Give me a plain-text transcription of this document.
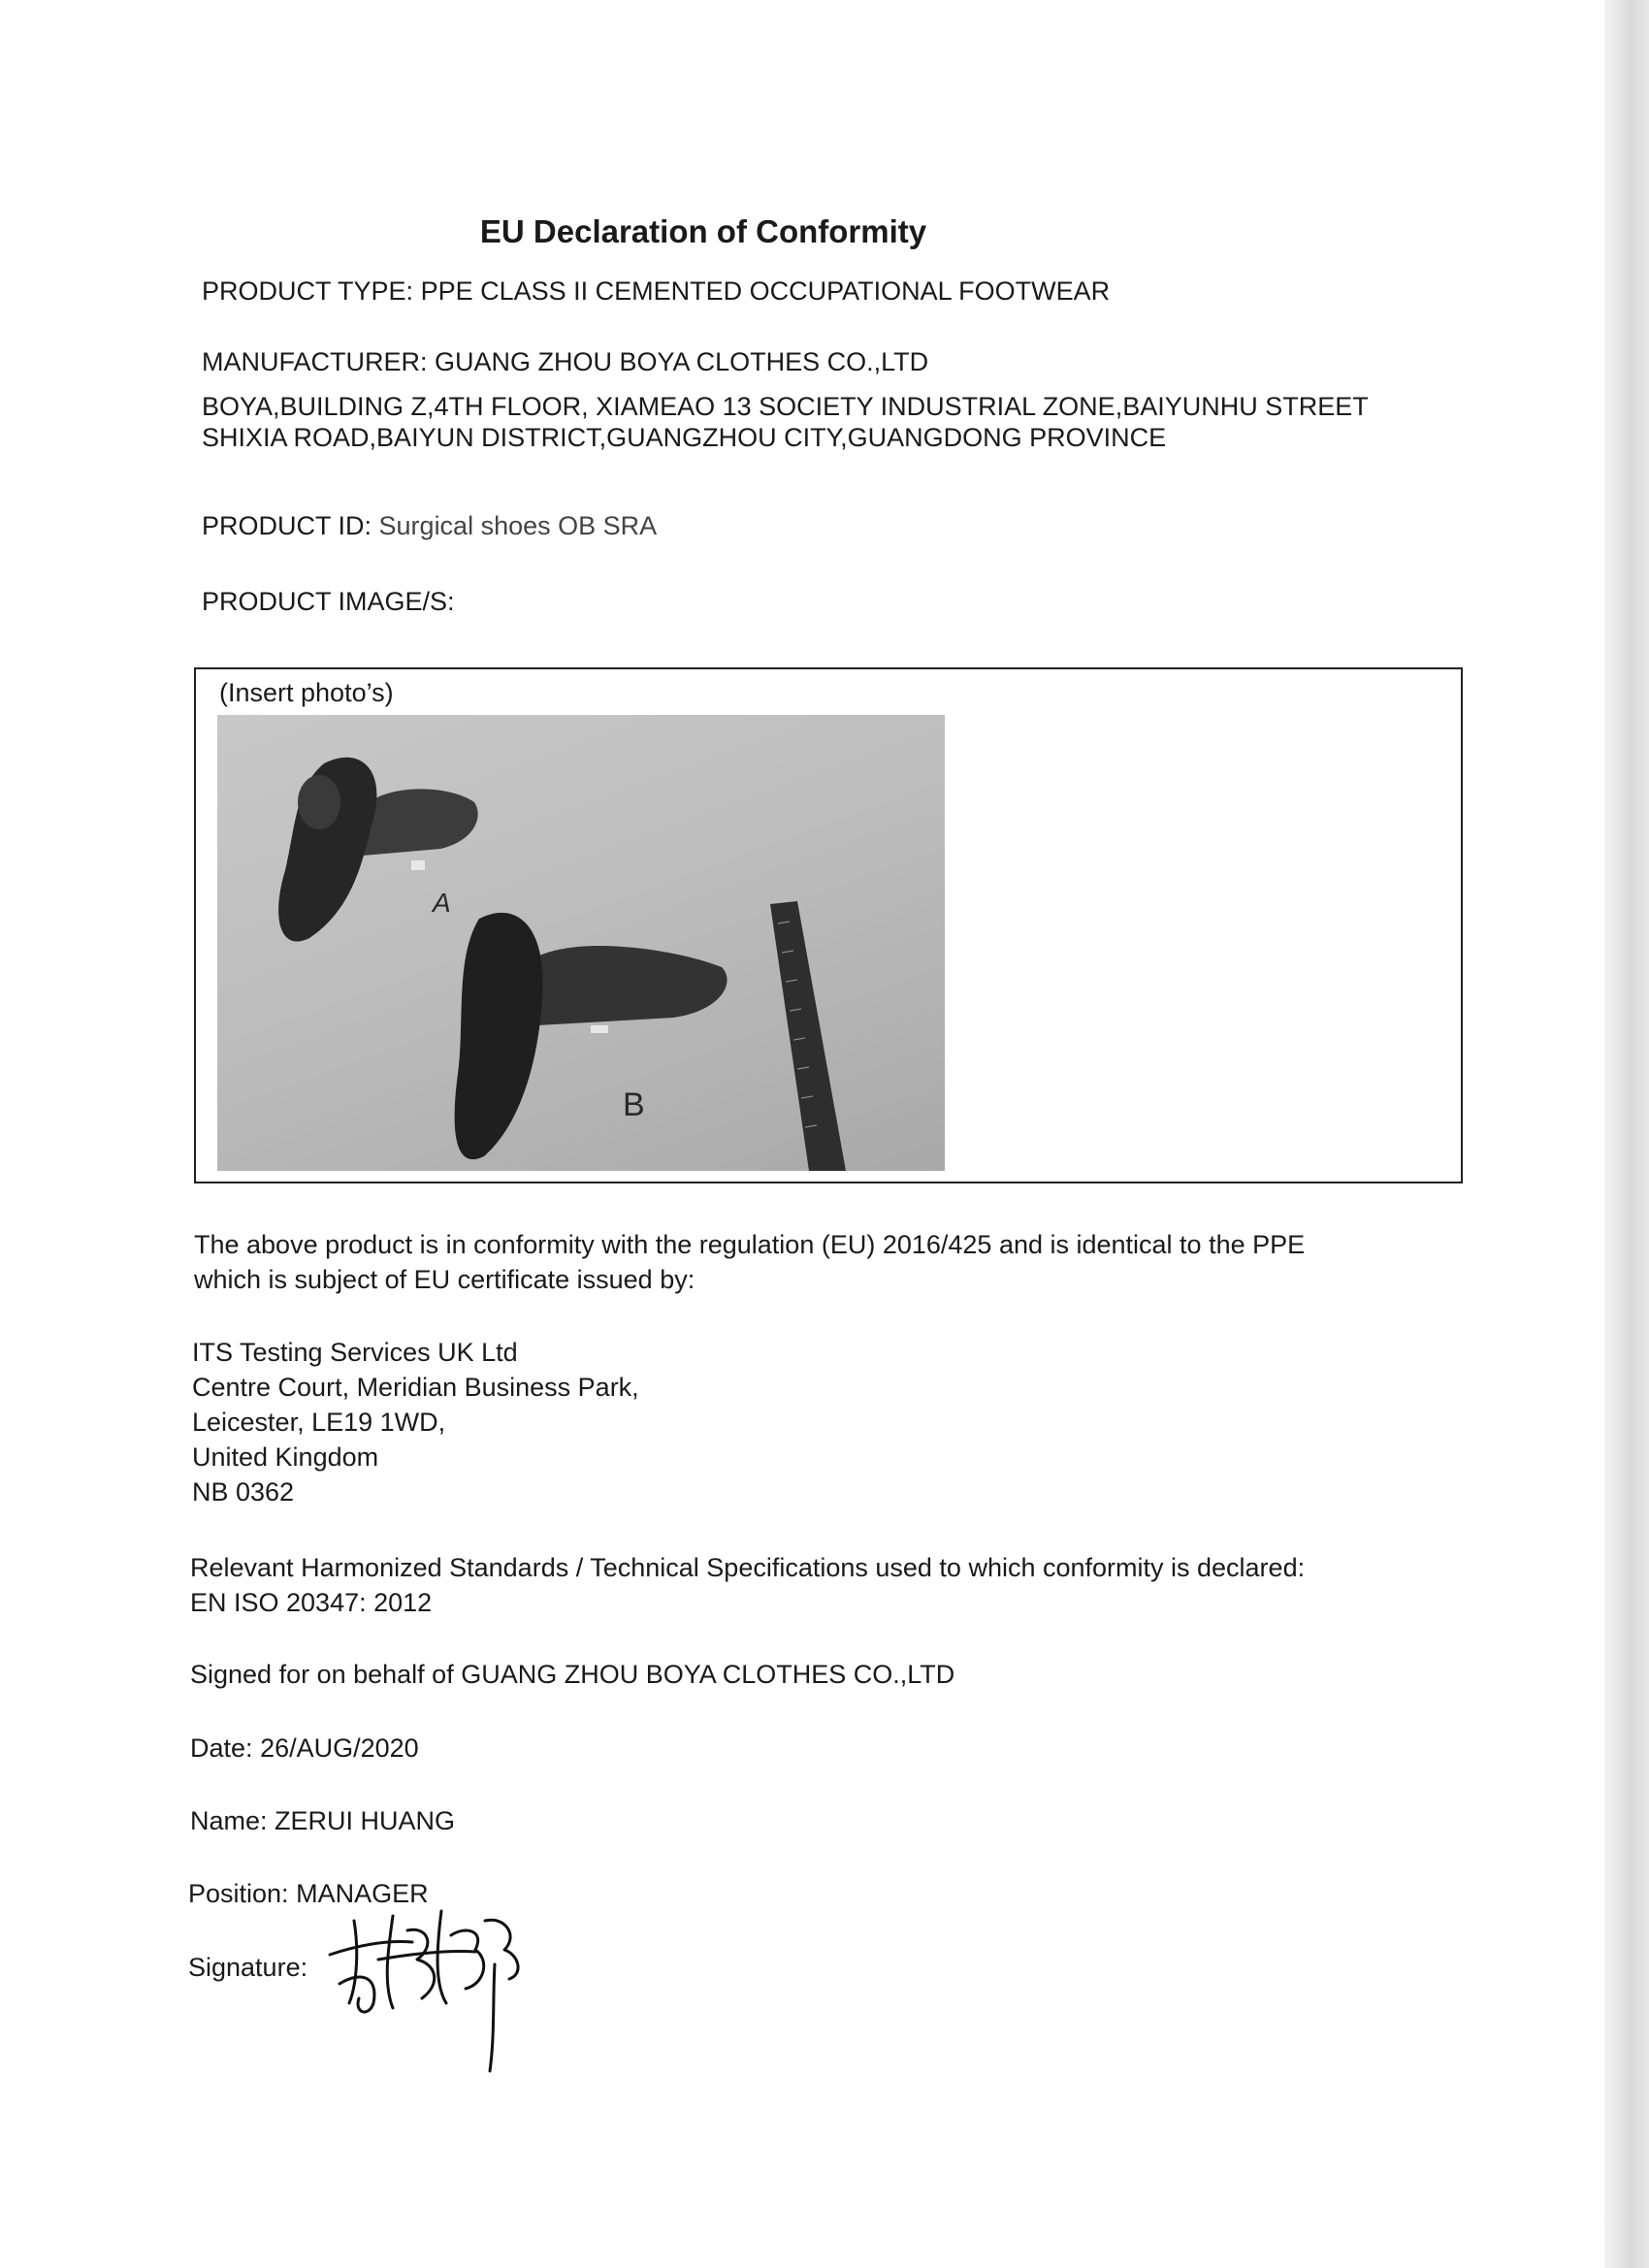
EU Declaration of Conformity
PRODUCT TYPE: PPE CLASS II CEMENTED OCCUPATIONAL FOOTWEAR
MANUFACTURER: GUANG ZHOU BOYA CLOTHES CO.,LTD
BOYA,BUILDING Z,4TH FLOOR, XIAMEAO 13 SOCIETY INDUSTRIAL ZONE,BAIYUNHU STREET
SHIXIA ROAD,BAIYUN DISTRICT,GUANGZHOU CITY,GUANGDONG PROVINCE
PRODUCT ID: Surgical shoes OB SRA
PRODUCT IMAGE/S:
(Insert photo’s)
A
B
The above product is in conformity with the regulation (EU) 2016/425 and is identical to the PPE
which is subject of EU certificate issued by:
ITS Testing Services UK Ltd
Centre Court, Meridian Business Park,
Leicester, LE19 1WD,
United Kingdom
NB 0362
Relevant Harmonized Standards / Technical Specifications used to which conformity is declared:
EN ISO 20347: 2012
Signed for on behalf of GUANG ZHOU BOYA CLOTHES CO.,LTD
Date: 26/AUG/2020
Name: ZERUI HUANG
Position: MANAGER
Signature:
